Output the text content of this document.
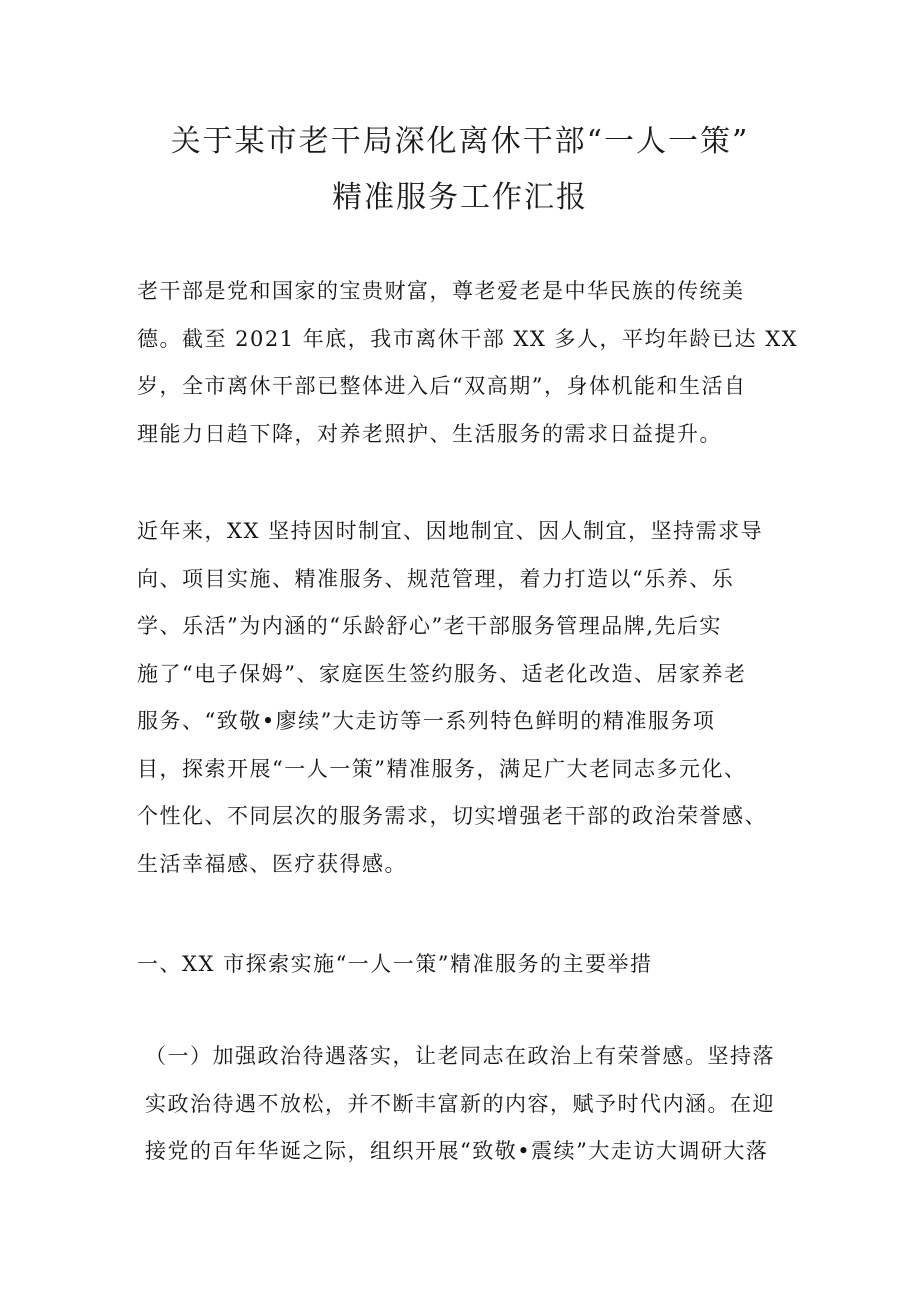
关于某市老干局深化离休干部“一人一策”
精准服务工作汇报

老干部是党和国家的宝贵财富，尊老爱老是中华民族的传统美
德。截至 2021 年底，我市离休干部 XX 多人，平均年龄已达 XX
岁，全市离休干部已整体进入后“双高期”，身体机能和生活自
理能力日趋下降，对养老照护、生活服务的需求日益提升。

近年来，XX 坚持因时制宜、因地制宜、因人制宜，坚持需求导
向、项目实施、精准服务、规范管理，着力打造以“乐养、乐
学、乐活”为内涵的“乐龄舒心”老干部服务管理品牌,先后实
施了“电子保姆”、家庭医生签约服务、适老化改造、居家养老
服务、“致敬•廖续”大走访等一系列特色鲜明的精准服务项
目，探索开展“一人一策”精准服务，满足广大老同志多元化、
个性化、不同层次的服务需求，切实增强老干部的政治荣誉感、
生活幸福感、医疗获得感。

一、XX 市探索实施“一人一策”精准服务的主要举措

（一）加强政治待遇落实，让老同志在政治上有荣誉感。坚持落
实政治待遇不放松，并不断丰富新的内容，赋予时代内涵。在迎
接党的百年华诞之际，组织开展“致敬•震续”大走访大调研大落
